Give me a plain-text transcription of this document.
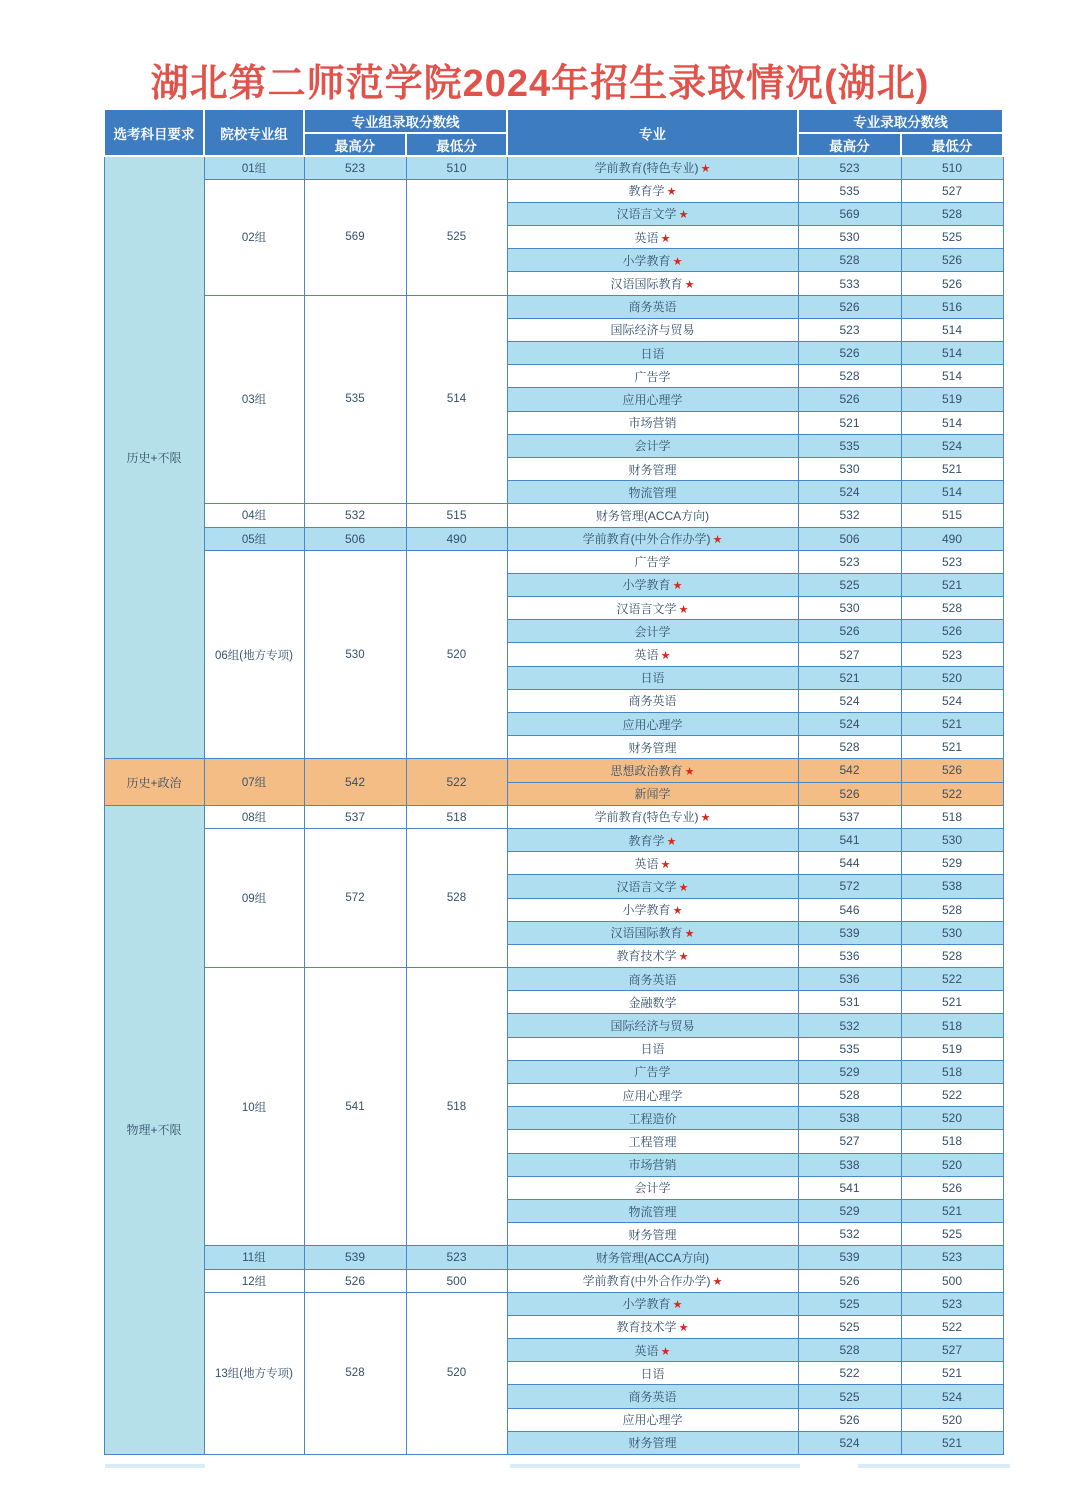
湖北第二师范学院2024年招生录取情况(湖北)
选考科目要求	院校专业组	专业组录取分数线		专业	专业录取分数线	
		最高分	最低分		最高分	最低分
历史+不限	01组	523	510	学前教育(特色专业) ★	523	510
	02组	569	525	教育学 ★	535	527
				汉语言文学 ★	569	528
				英语 ★	530	525
				小学教育 ★	528	526
				汉语国际教育 ★	533	526
	03组	535	514	商务英语	526	516
				国际经济与贸易	523	514
				日语	526	514
				广告学	528	514
				应用心理学	526	519
				市场营销	521	514
				会计学	535	524
				财务管理	530	521
				物流管理	524	514
	04组	532	515	财务管理(ACCA方向)	532	515
	05组	506	490	学前教育(中外合作办学) ★	506	490
	06组(地方专项)	530	520	广告学	523	523
				小学教育 ★	525	521
				汉语言文学 ★	530	528
				会计学	526	526
				英语 ★	527	523
				日语	521	520
				商务英语	524	524
				应用心理学	524	521
				财务管理	528	521
历史+政治	07组	542	522	思想政治教育 ★	542	526
				新闻学	526	522
物理+不限	08组	537	518	学前教育(特色专业) ★	537	518
	09组	572	528	教育学 ★	541	530
				英语 ★	544	529
				汉语言文学 ★	572	538
				小学教育 ★	546	528
				汉语国际教育 ★	539	530
				教育技术学 ★	536	528
	10组	541	518	商务英语	536	522
				金融数学	531	521
				国际经济与贸易	532	518
				日语	535	519
				广告学	529	518
				应用心理学	528	522
				工程造价	538	520
				工程管理	527	518
				市场营销	538	520
				会计学	541	526
				物流管理	529	521
				财务管理	532	525
	11组	539	523	财务管理(ACCA方向)	539	523
	12组	526	500	学前教育(中外合作办学) ★	526	500
	13组(地方专项)	528	520	小学教育 ★	525	523
				教育技术学 ★	525	522
				英语 ★	528	527
				日语	522	521
				商务英语	525	524
				应用心理学	526	520
				财务管理	524	521
